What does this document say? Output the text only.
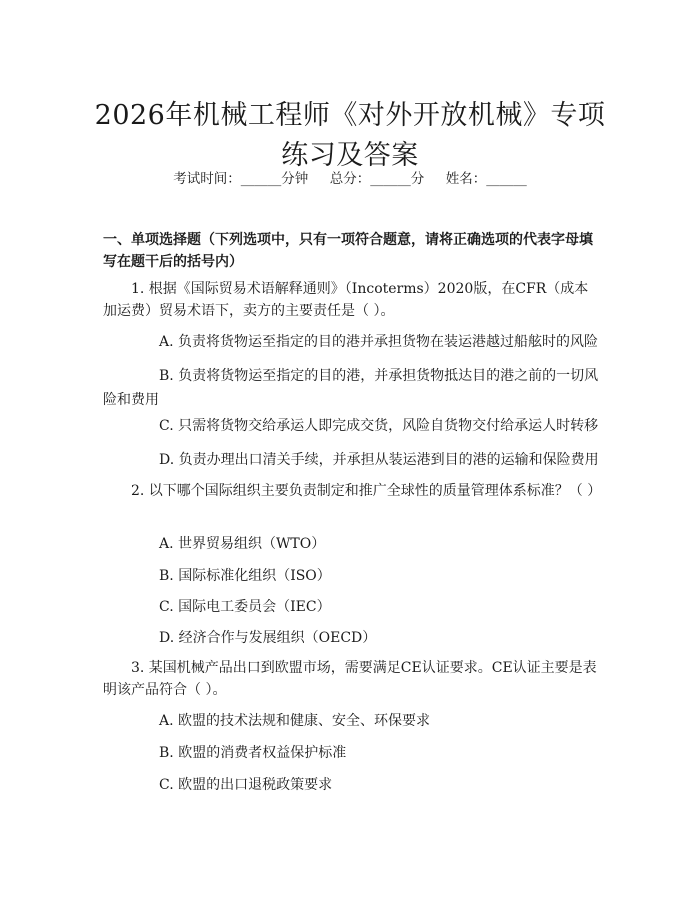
2026年机械工程师《对外开放机械》专项练习及答案
考试时间：______分钟     总分：______分     姓名：______
一、单项选择题（下列选项中，只有一项符合题意，请将正确选项的代表字母填写在题干后的括号内）
1. 根据《国际贸易术语解释通则》（Incoterms）2020版，在CFR（成本加运费）贸易术语下，卖方的主要责任是（ ）。
A. 负责将货物运至指定的目的港并承担货物在装运港越过船舷时的风险
B. 负责将货物运至指定的目的港，并承担货物抵达目的港之前的一切风险和费用
C. 只需将货物交给承运人即完成交货，风险自货物交付给承运人时转移
D. 负责办理出口清关手续，并承担从装运港到目的港的运输和保险费用
2. 以下哪个国际组织主要负责制定和推广全球性的质量管理体系标准？（ ）
A. 世界贸易组织（WTO）
B. 国际标准化组织（ISO）
C. 国际电工委员会（IEC）
D. 经济合作与发展组织（OECD）
3. 某国机械产品出口到欧盟市场，需要满足CE认证要求。CE认证主要是表明该产品符合（ ）。
A. 欧盟的技术法规和健康、安全、环保要求
B. 欧盟的消费者权益保护标准
C. 欧盟的出口退税政策要求
